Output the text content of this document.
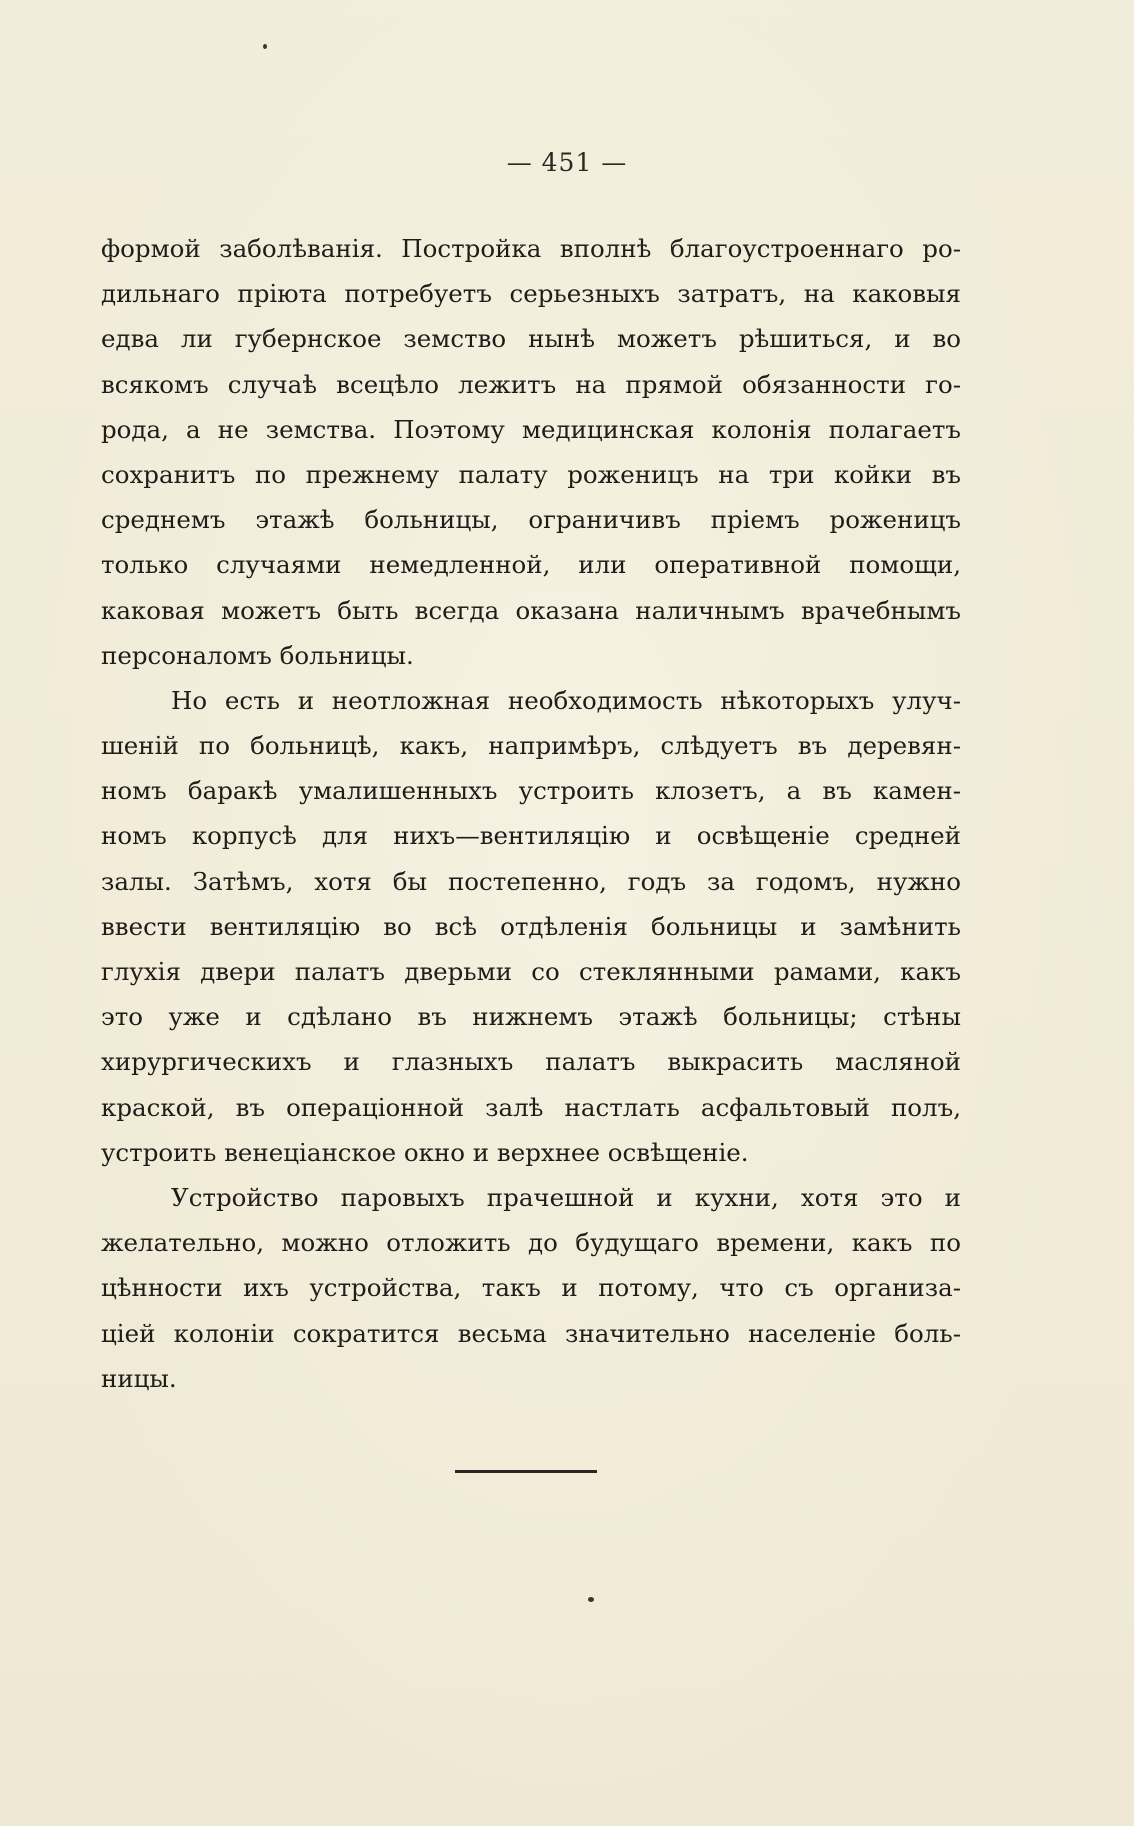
— 451 —
формой заболѣванія. Постройка вполнѣ благоустроеннаго ро-
дильнаго пріюта потребуетъ серьезныхъ затратъ, на каковыя
едва ли губернское земство нынѣ можетъ рѣшиться, и во
всякомъ случаѣ всецѣло лежитъ на прямой обязанности го-
рода, а не земства. Поэтому медицинская колонія полагаетъ
сохранитъ по прежнему палату роженицъ на три койки въ
среднемъ этажѣ больницы, ограничивъ пріемъ роженицъ
только случаями немедленной, или оперативной помощи,
каковая можетъ быть всегда оказана наличнымъ врачебнымъ
персоналомъ больницы.
Но есть и неотложная необходимость нѣкоторыхъ улуч-
шеній по больницѣ, какъ, напримѣръ, слѣдуетъ въ деревян-
номъ баракѣ умалишенныхъ устроить клозетъ, а въ камен-
номъ корпусѣ для нихъ—вентиляцію и освѣщеніе средней
залы. Затѣмъ, хотя бы постепенно, годъ за годомъ, нужно
ввести вентиляцію во всѣ отдѣленія больницы и замѣнить
глухія двери палатъ дверьми со стеклянными рамами, какъ
это уже и сдѣлано въ нижнемъ этажѣ больницы; стѣны
хирургическихъ и глазныхъ палатъ выкрасить масляной
краской, въ операціонной залѣ настлать асфальтовый полъ,
устроить венеціанское окно и верхнее освѣщеніе.
Устройство паровыхъ прачешной и кухни, хотя это и
желательно, можно отложить до будущаго времени, какъ по
цѣнности ихъ устройства, такъ и потому, что съ организа-
ціей колоніи сократится весьма значительно населеніе боль-
ницы.
